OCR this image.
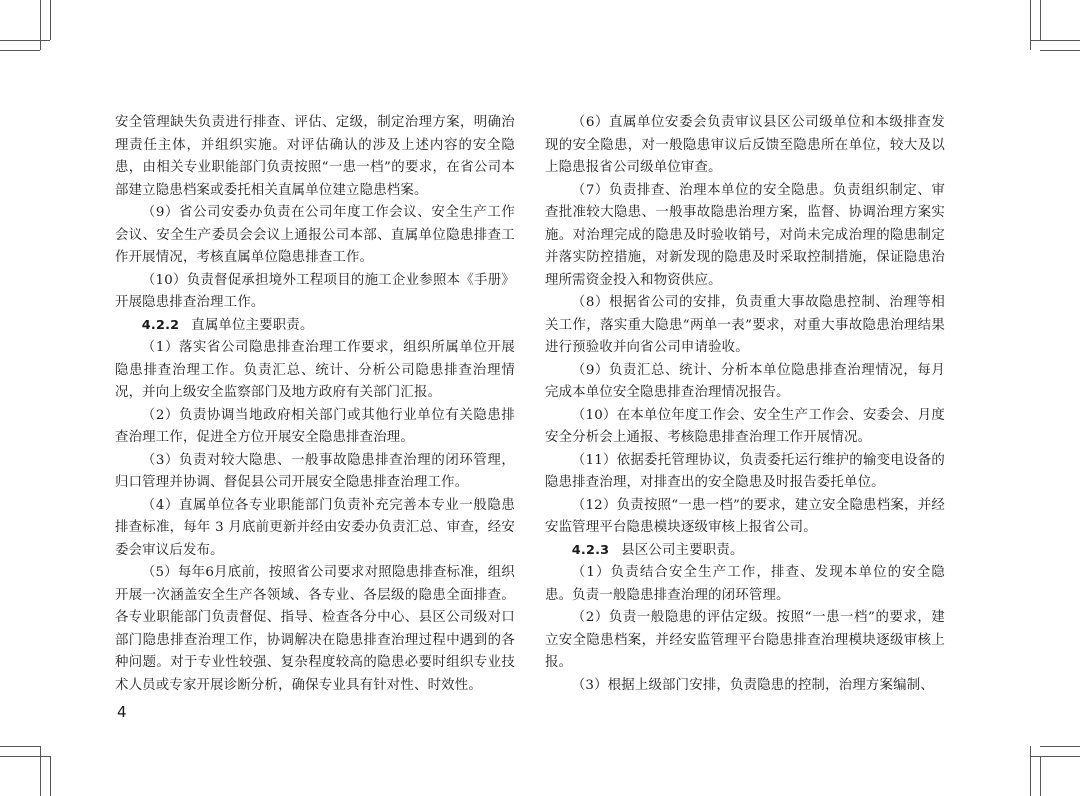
安全管理缺失负责进行排查、评估、定级，制定治理方案，明确治理责任主体，并组织实施。对评估确认的涉及上述内容的安全隐患，由相关专业职能部门负责按照“一患一档”的要求，在省公司本部建立隐患档案或委托相关直属单位建立隐患档案。

（9）省公司安委办负责在公司年度工作会议、安全生产工作会议、安全生产委员会会议上通报公司本部、直属单位隐患排查工作开展情况，考核直属单位隐患排查工作。

（10）负责督促承担境外工程项目的施工企业参照本《手册》开展隐患排查治理工作。

4.2.2 直属单位主要职责。

（1）落实省公司隐患排查治理工作要求，组织所属单位开展隐患排查治理工作。负责汇总、统计、分析公司隐患排查治理情况，并向上级安全监察部门及地方政府有关部门汇报。

（2）负责协调当地政府相关部门或其他行业单位有关隐患排查治理工作，促进全方位开展安全隐患排查治理。

（3）负责对较大隐患、一般事故隐患排查治理的闭环管理，归口管理并协调、督促县公司开展安全隐患排查治理工作。

（4）直属单位各专业职能部门负责补充完善本专业一般隐患排查标准，每年 3 月底前更新并经由安委办负责汇总、审查，经安委会审议后发布。

（5）每年6月底前，按照省公司要求对照隐患排查标准，组织开展一次涵盖安全生产各领域、各专业、各层级的隐患全面排查。各专业职能部门负责督促、指导、检查各分中心、县区公司级对口部门隐患排查治理工作，协调解决在隐患排查治理过程中遇到的各种问题。对于专业性较强、复杂程度较高的隐患必要时组织专业技术人员或专家开展诊断分析，确保专业具有针对性、时效性。

（6）直属单位安委会负责审议县区公司级单位和本级排查发现的安全隐患，对一般隐患审议后反馈至隐患所在单位，较大及以上隐患报省公司级单位审查。

（7）负责排查、治理本单位的安全隐患。负责组织制定、审查批准较大隐患、一般事故隐患治理方案，监督、协调治理方案实施。对治理完成的隐患及时验收销号，对尚未完成治理的隐患制定并落实防控措施，对新发现的隐患及时采取控制措施，保证隐患治理所需资金投入和物资供应。

（8）根据省公司的安排，负责重大事故隐患控制、治理等相关工作，落实重大隐患“两单一表”要求，对重大事故隐患治理结果进行预验收并向省公司申请验收。

（9）负责汇总、统计、分析本单位隐患排查治理情况，每月完成本单位安全隐患排查治理情况报告。

（10）在本单位年度工作会、安全生产工作会、安委会、月度安全分析会上通报、考核隐患排查治理工作开展情况。

（11）依据委托管理协议，负责委托运行维护的输变电设备的隐患排查治理，对排查出的安全隐患及时报告委托单位。

（12）负责按照“一患一档”的要求，建立安全隐患档案，并经安监管理平台隐患模块逐级审核上报省公司。

4.2.3 县区公司主要职责。

（1）负责结合安全生产工作，排查、发现本单位的安全隐患。负责一般隐患排查治理的闭环管理。

（2）负责一般隐患的评估定级。按照“一患一档”的要求，建立安全隐患档案，并经安监管理平台隐患排查治理模块逐级审核上报。

（3）根据上级部门安排，负责隐患的控制，治理方案编制、

4
